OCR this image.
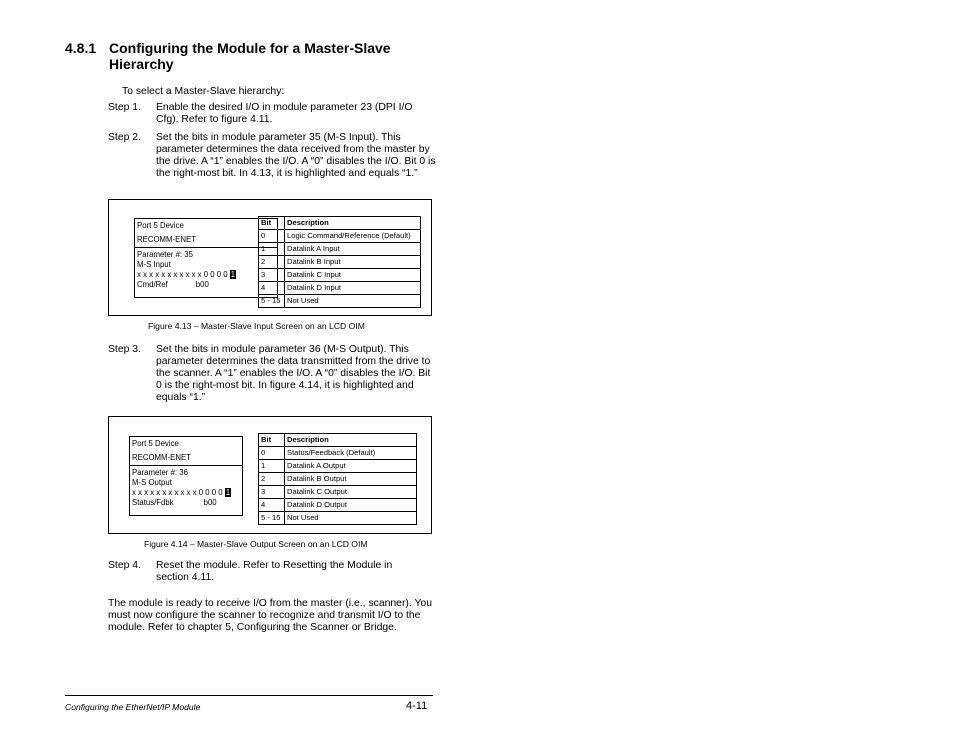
4.8.1 Configuring the Module for a Master-Slave Hierarchy
To select a Master-Slave hierarchy:
Step 1. Enable the desired I/O in module parameter 23 (DPI I/O Cfg). Refer to figure 4.11.
Step 2. Set the bits in module parameter 35 (M-S Input). This parameter determines the data received from the master by the drive. A “1” enables the I/O. A “0” disables the I/O. Bit 0 is the right-most bit. In 4.13, it is highlighted and equals “1.”
Port 5 Device
RECOMM-ENET
Parameter #: 35
M-S Input
x x x x x x x x x x x 0 0 0 0 1
Cmd/Ref	b00
Bit	Description
0	Logic Command/Reference (Default)
1	Datalink A Input
2	Datalink B Input
3	Datalink C Input
4	Datalink D Input
5 - 15	Not Used
Figure 4.13 – Master-Slave Input Screen on an LCD OIM
Step 3. Set the bits in module parameter 36 (M-S Output). This parameter determines the data transmitted from the drive to the scanner. A “1” enables the I/O. A “0” disables the I/O. Bit 0 is the right-most bit. In figure 4.14, it is highlighted and equals “1.”
Port 5 Device
RECOMM-ENET
Parameter #: 36
M-S Output
x x x x x x x x x x x 0 0 0 0 1
Status/Fdbk	b00
Bit	Description
0	Status/Feedback (Default)
1	Datalink A Output
2	Datalink B Output
3	Datalink C Output
4	Datalink D Output
5 - 15	Not Used
Figure 4.14 – Master-Slave Output Screen on an LCD OIM
Step 4. Reset the module. Refer to Resetting the Module in section 4.11.
The module is ready to receive I/O from the master (i.e., scanner). You must now configure the scanner to recognize and transmit I/O to the module. Refer to chapter 5, Configuring the Scanner or Bridge.
Configuring the EtherNet/IP Module	4-11
